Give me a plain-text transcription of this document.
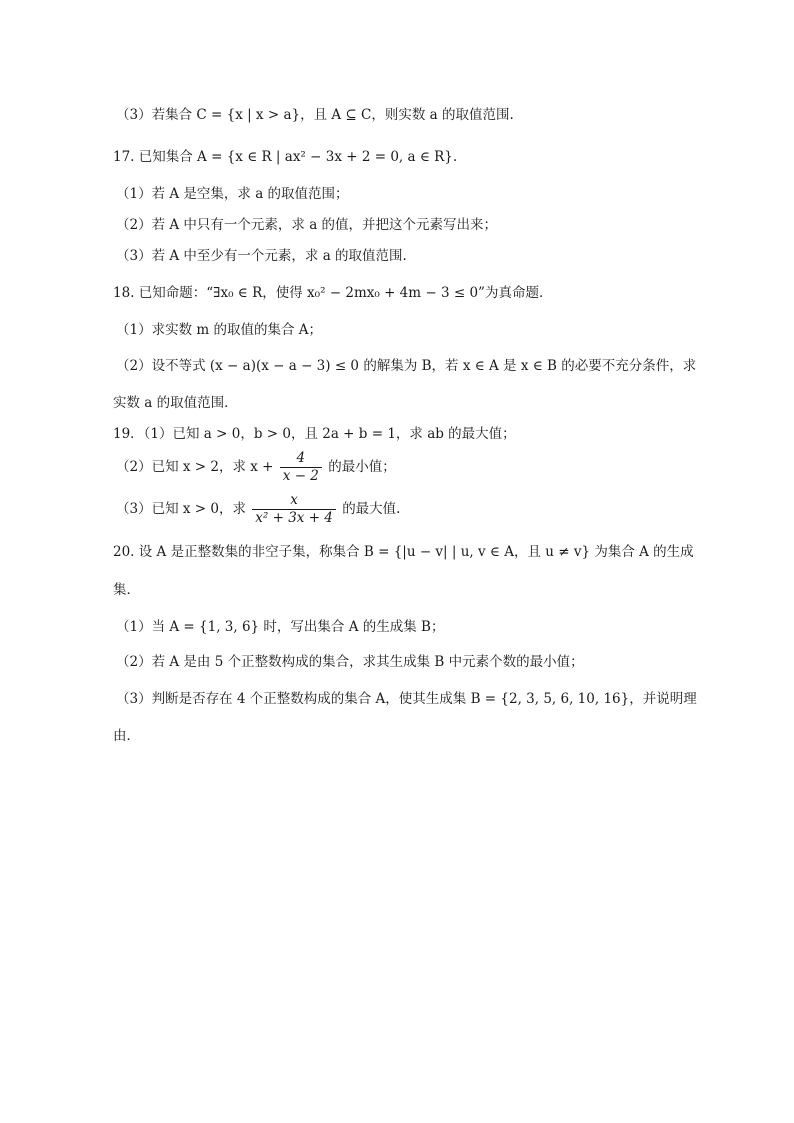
（3）若集合 C = {x | x > a}，且 A ⊆ C，则实数 a 的取值范围.
17. 已知集合 A = {x ∈ R | ax² − 3x + 2 = 0, a ∈ R}.
（1）若 A 是空集，求 a 的取值范围；
（2）若 A 中只有一个元素，求 a 的值，并把这个元素写出来；
（3）若 A 中至少有一个元素，求 a 的取值范围.
18. 已知命题：“∃x₀ ∈ R，使得 x₀² − 2mx₀ + 4m − 3 ≤ 0”为真命题．
（1）求实数 m 的取值的集合 A；
（2）设不等式 (x − a)(x − a − 3) ≤ 0 的解集为 B，若 x ∈ A 是 x ∈ B 的必要不充分条件，求
实数 a 的取值范围．
19．（1）已知 a > 0，b > 0，且 2a + b = 1，求 ab 的最大值；
（2）已知 x > 2，求 $x + \frac{4}{x - 2}$ 的最小值；
（3）已知 x > 0，求 $\frac{x}{\text{x² + 3x + 4}}$ 的最大值.
20. 设 A 是正整数集的非空子集，称集合 B = {|u − v| | u, v ∈ A，且 u ≠ v} 为集合 A 的生成
集．
（1）当 A = {1, 3, 6} 时，写出集合 A 的生成集 B；
（2）若 A 是由 5 个正整数构成的集合，求其生成集 B 中元素个数的最小值；
（3）判断是否存在 4 个正整数构成的集合 A，使其生成集 B = {2, 3, 5, 6, 10, 16}，并说明理
由．
